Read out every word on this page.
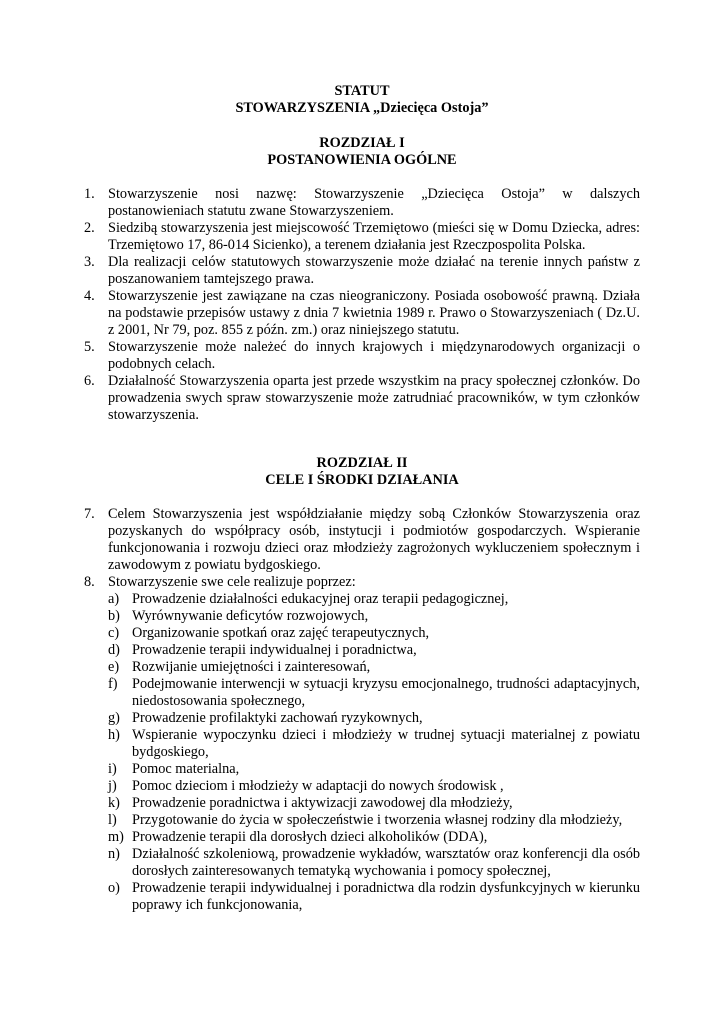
STATUT
STOWARZYSZENIA „Dziecięca Ostoja”
ROZDZIAŁ I
POSTANOWIENIA OGÓLNE
1. Stowarzyszenie nosi nazwę: Stowarzyszenie „Dziecięca Ostoja” w dalszych postanowieniach statutu zwane Stowarzyszeniem.
2. Siedzibą stowarzyszenia jest miejscowość Trzemiętowo (mieści się w Domu Dziecka, adres: Trzemiętowo 17, 86-014 Sicienko), a terenem działania jest Rzeczpospolita Polska.
3. Dla realizacji celów statutowych stowarzyszenie może działać na terenie innych państw z poszanowaniem tamtejszego prawa.
4. Stowarzyszenie jest zawiązane na czas nieograniczony. Posiada osobowość prawną. Działa na podstawie przepisów ustawy z dnia 7 kwietnia 1989 r. Prawo o Stowarzyszeniach ( Dz.U. z 2001, Nr 79, poz. 855 z późn. zm.) oraz niniejszego statutu.
5. Stowarzyszenie może należeć do innych krajowych i międzynarodowych organizacji o podobnych celach.
6. Działalność Stowarzyszenia oparta jest przede wszystkim na pracy społecznej członków. Do prowadzenia swych spraw stowarzyszenie może zatrudniać pracowników, w tym członków stowarzyszenia.
ROZDZIAŁ II
CELE I ŚRODKI DZIAŁANIA
7. Celem Stowarzyszenia jest współdziałanie między sobą Członków Stowarzyszenia oraz pozyskanych do współpracy osób, instytucji i podmiotów gospodarczych. Wspieranie funkcjonowania i rozwoju dzieci oraz młodzieży zagrożonych wykluczeniem społecznym i zawodowym z powiatu bydgoskiego.
8. Stowarzyszenie swe cele realizuje poprzez:
a) Prowadzenie działalności edukacyjnej oraz terapii pedagogicznej,
b) Wyrównywanie deficytów rozwojowych,
c) Organizowanie spotkań oraz zajęć terapeutycznych,
d) Prowadzenie terapii indywidualnej i poradnictwa,
e) Rozwijanie umiejętności i zainteresowań,
f) Podejmowanie interwencji w sytuacji kryzysu emocjonalnego, trudności adaptacyjnych, niedostosowania społecznego,
g) Prowadzenie profilaktyki zachowań ryzykownych,
h) Wspieranie wypoczynku dzieci i młodzieży w trudnej sytuacji materialnej z powiatu bydgoskiego,
i) Pomoc materialna,
j) Pomoc dzieciom i młodzieży w adaptacji do nowych środowisk ,
k) Prowadzenie poradnictwa i aktywizacji zawodowej dla młodzieży,
l) Przygotowanie do życia w społeczeństwie i tworzenia własnej rodziny dla młodzieży,
m) Prowadzenie terapii dla dorosłych dzieci alkoholików (DDA),
n) Działalność szkoleniową, prowadzenie wykładów, warsztatów oraz konferencji dla osób dorosłych zainteresowanych tematyką wychowania i pomocy społecznej,
o) Prowadzenie terapii indywidualnej i poradnictwa dla rodzin dysfunkcyjnych w kierunku poprawy ich funkcjonowania,
